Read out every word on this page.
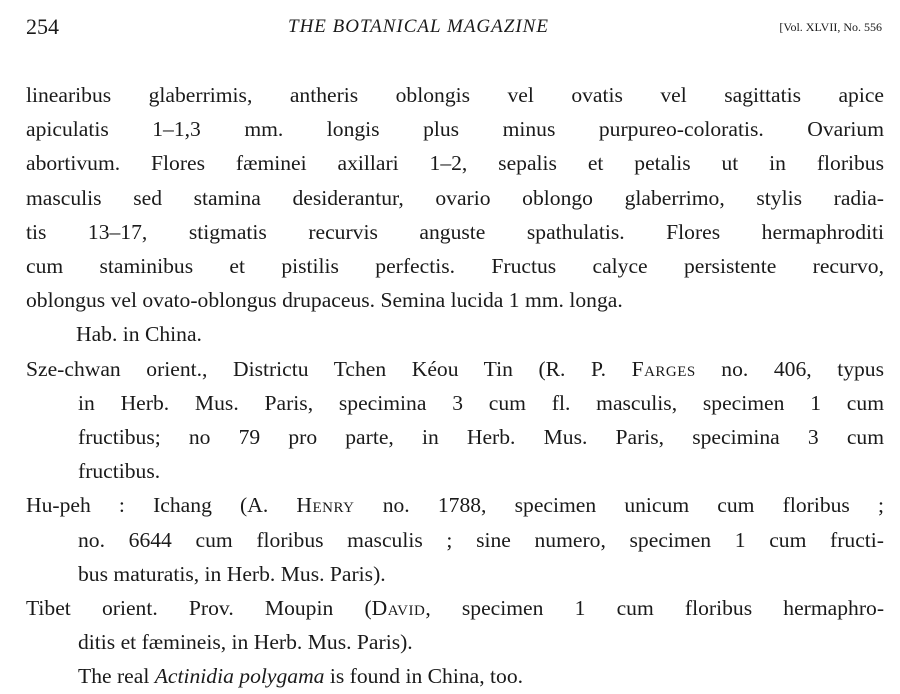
254	THE BOTANICAL MAGAZINE	[Vol. XLVII, No. 556
linearibus glaberrimis, antheris oblongis vel ovatis vel sagittatis apice
apiculatis 1–1,3 mm. longis plus minus purpureo-coloratis. Ovarium
abortivum. Flores fæminei axillari 1–2, sepalis et petalis ut in floribus
masculis sed stamina desiderantur, ovario oblongo glaberrimo, stylis radia-
tis 13–17, stigmatis recurvis anguste spathulatis. Flores hermaphroditi
cum staminibus et pistilis perfectis. Fructus calyce persistente recurvo,
oblongus vel ovato-oblongus drupaceus. Semina lucida 1 mm. longa.
Hab. in China.
Sze-chwan orient., Districtu Tchen Kéou Tin (R. P. Farges no. 406, typus
in Herb. Mus. Paris, specimina 3 cum fl. masculis, specimen 1 cum
fructibus; no 79 pro parte, in Herb. Mus. Paris, specimina 3 cum
fructibus.
Hu-peh : Ichang (A. Henry no. 1788, specimen unicum cum floribus ;
no. 6644 cum floribus masculis ; sine numero, specimen 1 cum fructi-
bus maturatis, in Herb. Mus. Paris).
Tibet orient. Prov. Moupin (David, specimen 1 cum floribus hermaphro-
ditis et fæmineis, in Herb. Mus. Paris).
The real Actinidia polygama is found in China, too.
